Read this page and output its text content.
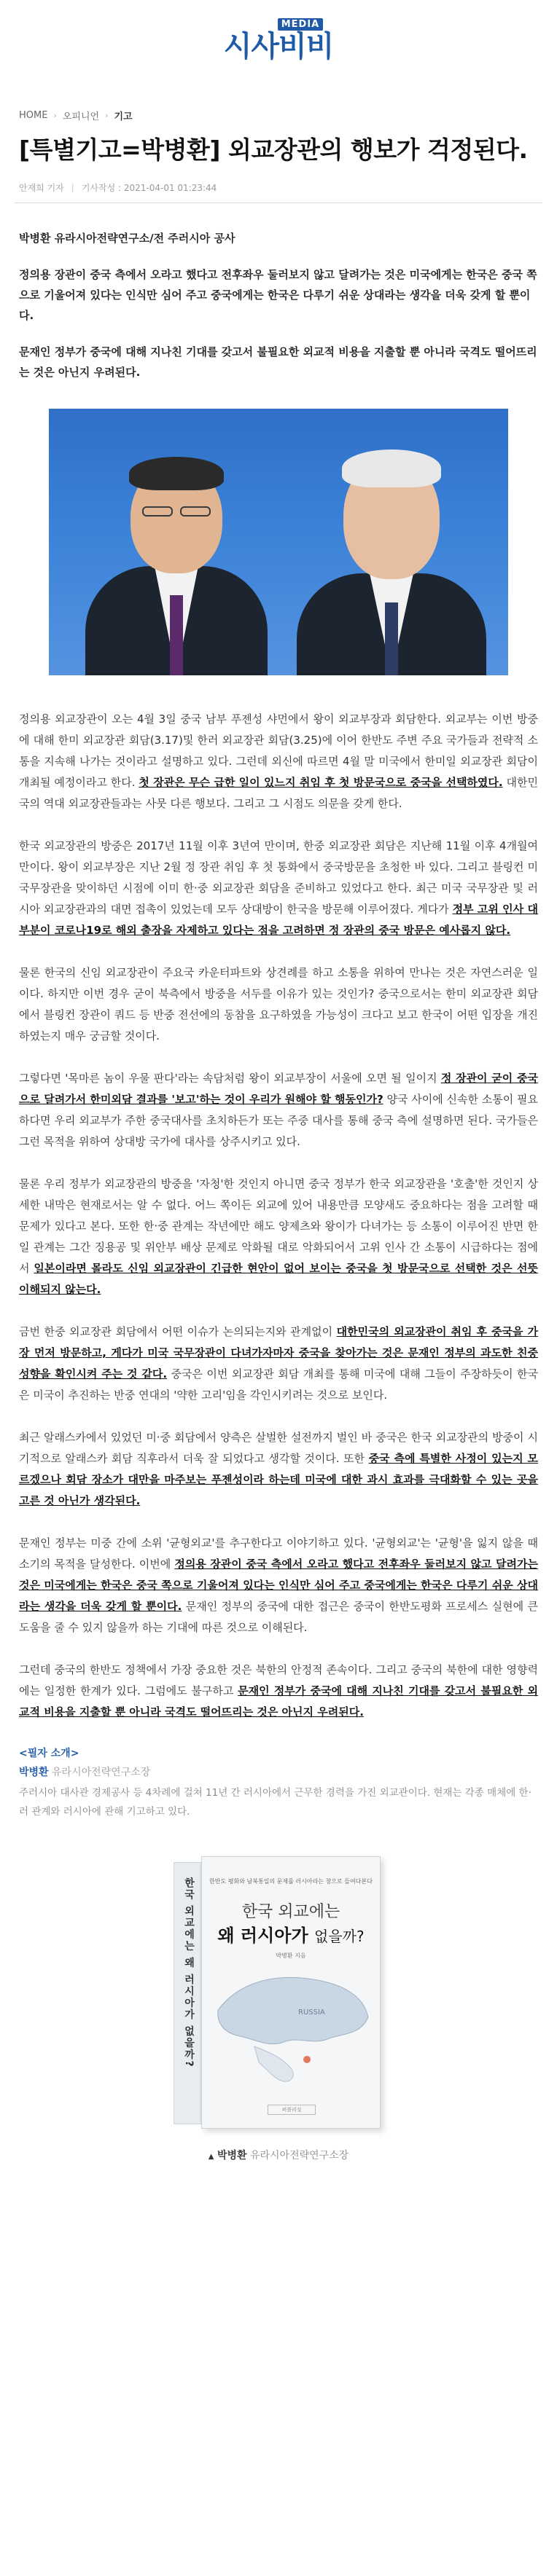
MEDIA
시사비비
HOME › 오피니언 › 기고
[특별기고=박병환] 외교장관의 행보가 걱정된다.
안재희 기자 | 기사작성 : 2021-04-01 01:23:44

박병환 유라시아전략연구소/전 주러시아 공사

정의용 장관이 중국 측에서 오라고 했다고 전후좌우 둘러보지 않고 달려가는 것은 미국에게는 한국은 중국 쪽으로 기울어져 있다는 인식만 심어 주고 중국에게는 한국은 다루기 쉬운 상대라는 생각을 더욱 갖게 할 뿐이다.

문재인 정부가 중국에 대해 지나친 기대를 갖고서 불필요한 외교적 비용을 지출할 뿐 아니라 국격도 떨어뜨리는 것은 아닌지 우려된다.

정의용 외교장관이 오는 4월 3일 중국 남부 푸젠성 샤먼에서 왕이 외교부장과 회담한다. 외교부는 이번 방중에 대해 한미 외교장관 회담(3.17)및 한러 외교장관 회담(3.25)에 이어 한반도 주변 주요 국가들과 전략적 소통을 지속해 나가는 것이라고 설명하고 있다. 그런데 외신에 따르면 4월 말 미국에서 한미일 외교장관 회담이 개최될 예정이라고 한다. 첫 장관은 무슨 급한 일이 있느지 취임 후 첫 방문국으로 중국을 선택하였다. 대한민국의 역대 외교장관들과는 사뭇 다른 행보다. 그리고 그 시점도 의문을 갖게 한다.

한국 외교장관의 방중은 2017년 11월 이후 3년여 만이며, 한중 외교장관 회담은 지난해 11월 이후 4개월여 만이다. 왕이 외교부장은 지난 2월 정 장관 취임 후 첫 통화에서 중국방문을 초청한 바 있다. 그리고 블링컨 미 국무장관을 맞이하던 시점에 이미 한·중 외교장관 회담을 준비하고 있었다고 한다. 최근 미국 국무장관 및 러시아 외교장관과의 대면 접촉이 있었는데 모두 상대방이 한국을 방문해 이루어졌다. 게다가 정부 고위 인사 대부분이 코로나19로 해외 출장을 자제하고 있다는 점을 고려하면 정 장관의 중국 방문은 예사롭지 않다.

물론 한국의 신임 외교장관이 주요국 카운터파트와 상견례를 하고 소통을 위하여 만나는 것은 자연스러운 일이다. 하지만 이번 경우 굳이 북측에서 방중을 서두를 이유가 있는 것인가? 중국으로서는 한미 외교장관 회담에서 블링컨 장관이 쿼드 등 반중 전선에의 동참을 요구하였을 가능성이 크다고 보고 한국이 어떤 입장을 개진하였는지 매우 궁금할 것이다.

그렇다면 '목마른 놈이 우물 판다'라는 속담처럼 왕이 외교부장이 서울에 오면 될 일이지 정 장관이 굳이 중국으로 달려가서 한미외담 결과를 '보고'하는 것이 우리가 원해야 할 행동인가? 양국 사이에 신속한 소통이 필요하다면 우리 외교부가 주한 중국대사를 초치하든가 또는 주중 대사를 통해 중국 측에 설명하면 된다. 국가들은 그런 목적을 위하여 상대방 국가에 대사를 상주시키고 있다.

물론 우리 정부가 외교장관의 방중을 '자청'한 것인지 아니면 중국 정부가 한국 외교장관을 '호출'한 것인지 상세한 내막은 현재로서는 알 수 없다. 어느 쪽이든 외교에 있어 내용만큼 모양새도 중요하다는 점을 고려할 때 문제가 있다고 본다. 또한 한·중 관계는 작년에만 해도 양제츠와 왕이가 다녀가는 등 소통이 이루어진 반면 한일 관계는 그간 징용공 및 위안부 배상 문제로 악화될 대로 악화되어서 고위 인사 간 소통이 시급하다는 점에서 일본이라면 몰라도 신임 외교장관이 긴급한 현안이 없어 보이는 중국을 첫 방문국으로 선택한 것은 선뜻 이해되지 않는다.

금번 한중 외교장관 회담에서 어떤 이슈가 논의되는지와 관계없이 대한민국의 외교장관이 취임 후 중국을 가장 먼저 방문하고, 게다가 미국 국무장관이 다녀가자마자 중국을 찾아가는 것은 문재인 정부의 과도한 친중 성향을 확인시켜 주는 것 같다. 중국은 이번 외교장관 회담 개최를 통해 미국에 대해 그들이 주장하듯이 한국은 미국이 추진하는 반중 연대의 '약한 고리'임을 각인시키려는 것으로 보인다.

최근 알래스카에서 있었던 미·중 회담에서 양측은 살벌한 설전까지 벌인 바 중국은 한국 외교장관의 방중이 시기적으로 알래스카 회담 직후라서 더욱 잘 되었다고 생각할 것이다. 또한 중국 측에 특별한 사정이 있는지 모르겠으나 회담 장소가 대만을 마주보는 푸젠성이라 하는데 미국에 대한 과시 효과를 극대화할 수 있는 곳을 고른 것 아닌가 생각된다.

문재인 정부는 미중 간에 소위 '균형외교'를 추구한다고 이야기하고 있다. '균형외교'는 '균형'을 잃지 않을 때 소기의 목적을 달성한다. 이번에 정의용 장관이 중국 측에서 오라고 했다고 전후좌우 둘러보지 않고 달려가는 것은 미국에게는 한국은 중국 쪽으로 기울어져 있다는 인식만 심어 주고 중국에게는 한국은 다루기 쉬운 상대라는 생각을 더욱 갖게 할 뿐이다. 문재인 정부의 중국에 대한 접근은 중국이 한반도평화 프로세스 실현에 큰 도움을 줄 수 있지 않을까 하는 기대에 따른 것으로 이해된다.

그런데 중국의 한반도 정책에서 가장 중요한 것은 북한의 안정적 존속이다. 그리고 중국의 북한에 대한 영향력에는 일정한 한계가 있다. 그럼에도 불구하고 문재인 정부가 중국에 대해 지나친 기대를 갖고서 불필요한 외교적 비용을 지출할 뿐 아니라 국격도 떨어뜨리는 것은 아닌지 우려된다.

<필자 소개>
박병환 유라시아전략연구소장
주러시아 대사관 경제공사 등 4차례에 걸쳐 11년 간 러시아에서 근무한 경력을 가진 외교관이다. 현재는 각종 매체에 한·러 관계와 러시아에 관해 기고하고 있다.
한국 외교에는 왜 러시아가 없을까?	한반도 평화와 남북통일의 문제를 러시아라는 창으로 들여다본다
한국 외교에는
왜 러시아가 없을까?
박병환 지음
RUSSIA
퍼블리싱
▲ 박병환 유라시아전략연구소장
